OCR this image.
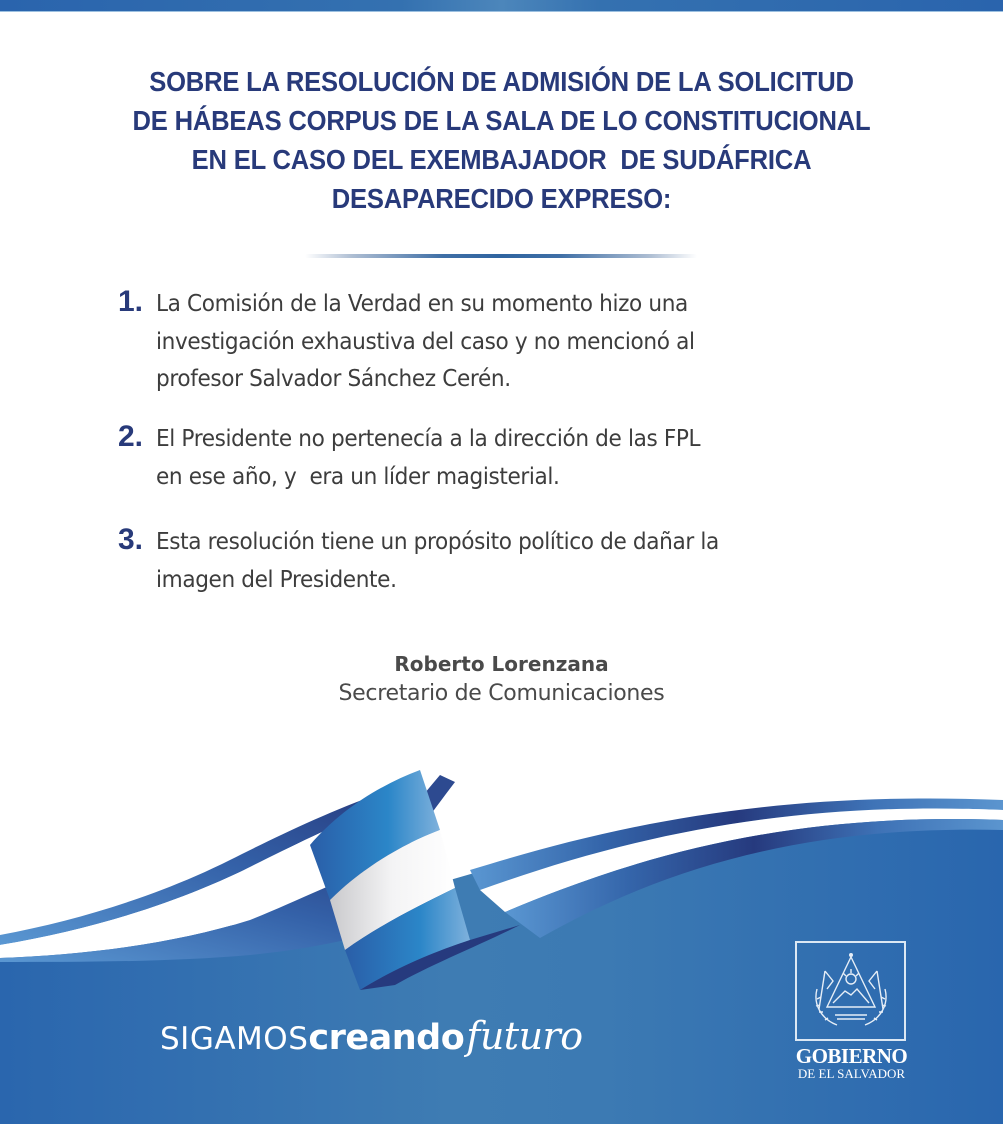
SOBRE LA RESOLUCIÓN DE ADMISIÓN DE LA SOLICITUD
DE HÁBEAS CORPUS DE LA SALA DE LO CONSTITUCIONAL
EN EL CASO DEL EXEMBAJADOR  DE SUDÁFRICA
DESAPARECIDO EXPRESO:
1. La Comisión de la Verdad en su momento hizo una
investigación exhaustiva del caso y no mencionó al
profesor Salvador Sánchez Cerén.
2. El Presidente no pertenecía a la dirección de las FPL
en ese año, y  era un líder magisterial.
3. Esta resolución tiene un propósito político de dañar la
imagen del Presidente.
Roberto Lorenzana
Secretario de Comunicaciones
SIGAMOS creando futuro	GOBIERNO
DE EL SALVADOR
